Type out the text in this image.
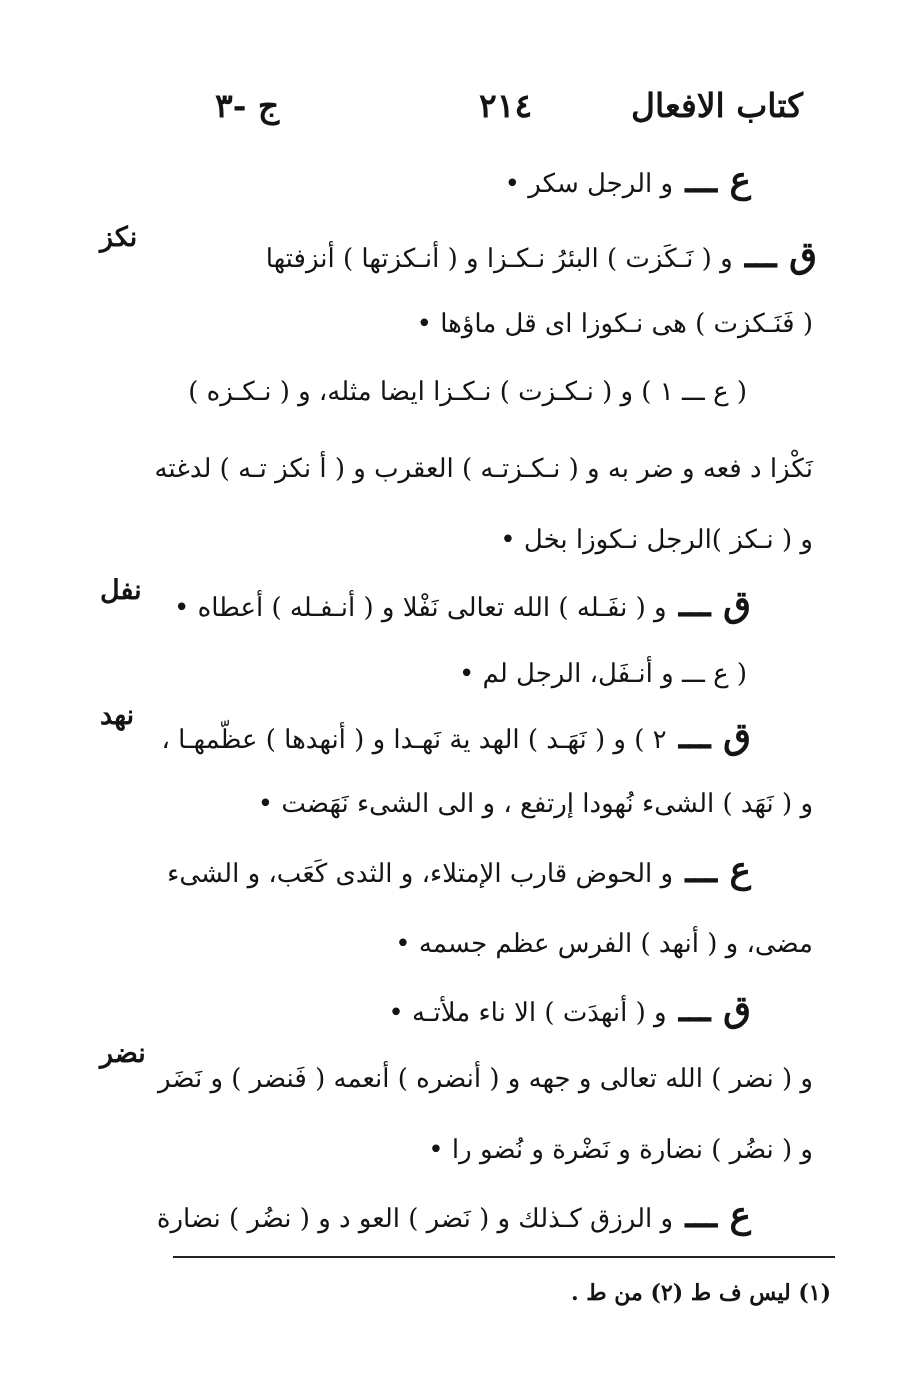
كتاب الافعال
٢١٤
ج -٣
نكز
نفل
نهد
نضر
ع ـــ و الرجل سكر •
ق ـــ و ( نَـكَزت ) البئرُ نـكـزا و ( أنـكزتها ) أنزفتها
( فَنَـكزت ) هى نـكوزا اى قل ماؤها •
( ع ـــ ١ ) و ( نـكـزت ) نـكـزا ايضا مثله، و ( نـكـزه )
نَكْزا د فعه و ضر به و ( نـكـزتـه ) العقرب و ( أ نكز تـه ) لدغته
و ( نـكز )الرجل نـكوزا بخل •
ق ـــ و ( نفَـله ) الله تعالى نَفْلا و ( أنـفـله ) أعطاه •
( ع ـــ و أنـفَل، الرجل لم •
ق ـــ ٢ ) و ( نَهَـد ) الهد ية نَهـدا و ( أنهدها ) عظّمهـا ،
و ( نَهَد ) الشىء نُهودا إرتفع ، و الى الشىء نَهَضت •
ع ـــ و الحوض قارب الإمتلاء، و الثدى كَعَب، و الشىء
مضى، و ( أنهد ) الفرس عظم جسمه •
ق ـــ و ( أنهدَت ) الا ناء ملأتـه •
و ( نضر ) الله تعالى و جهه و ( أنضره ) أنعمه ( فَنضر ) و نَضَر
و ( نضُر ) نضارة و نَضْرة و نُضو را •
ع ـــ و الرزق كـذلك و ( نَضر ) العو د و ( نضُر ) نضارة
(١) ليس ف ط (٢) من ط .
